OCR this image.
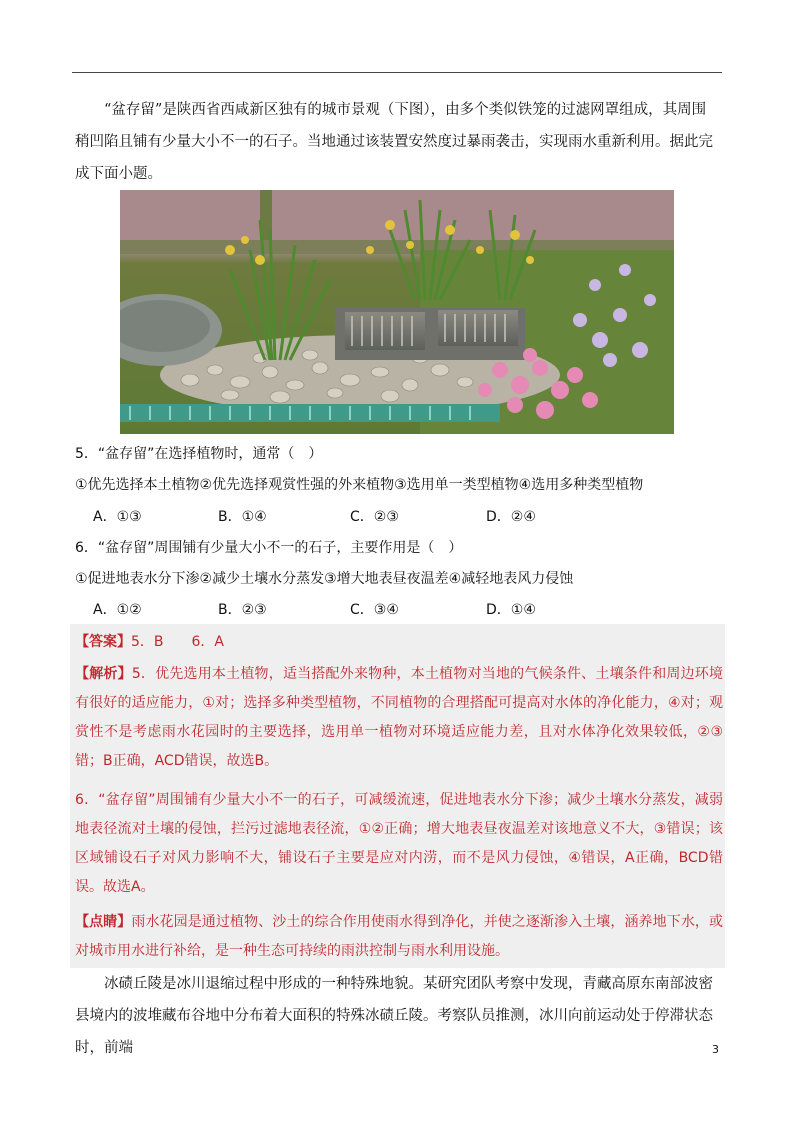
“盆存留”是陕西省西咸新区独有的城市景观（下图），由多个类似铁笼的过滤网罩组成，其周围稍凹陷且铺有少量大小不一的石子。当地通过该装置安然度过暴雨袭击，实现雨水重新利用。据此完成下面小题。

5．“盆存留”在选择植物时，通常（　）
①优先选择本土植物②优先选择观赏性强的外来植物③选用单一类型植物④选用多种类型植物
A．①③	B．①④	C．②③	D．②④
6．“盆存留”周围铺有少量大小不一的石子，主要作用是（　）
①促进地表水分下渗②减少土壤水分蒸发③增大地表昼夜温差④减轻地表风力侵蚀
A．①②	B．②③	C．③④	D．①④

【答案】5．B　　6．A

【解析】5．优先选用本土植物，适当搭配外来物种，本土植物对当地的气候条件、土壤条件和周边环境有很好的适应能力，①对；选择多种类型植物，不同植物的合理搭配可提高对水体的净化能力，④对；观赏性不是考虑雨水花园时的主要选择，选用单一植物对环境适应能力差，且对水体净化效果较低，②③错；B正确，ACD错误，故选B。

6．“盆存留”周围铺有少量大小不一的石子，可减缓流速，促进地表水分下渗；减少土壤水分蒸发，减弱地表径流对土壤的侵蚀，拦污过滤地表径流，①②正确；增大地表昼夜温差对该地意义不大，③错误；该区域铺设石子对风力影响不大，铺设石子主要是应对内涝，而不是风力侵蚀，④错误，A正确，BCD错误。故选A。

【点睛】雨水花园是通过植物、沙土的综合作用使雨水得到净化，并使之逐渐渗入土壤，涵养地下水，或对城市用水进行补给，是一种生态可持续的雨洪控制与雨水利用设施。

冰碛丘陵是冰川退缩过程中形成的一种特殊地貌。某研究团队考察中发现，青藏高原东南部波密县境内的波堆藏布谷地中分布着大面积的特殊冰碛丘陵。考察队员推测，冰川向前运动处于停滞状态时，前端	3
